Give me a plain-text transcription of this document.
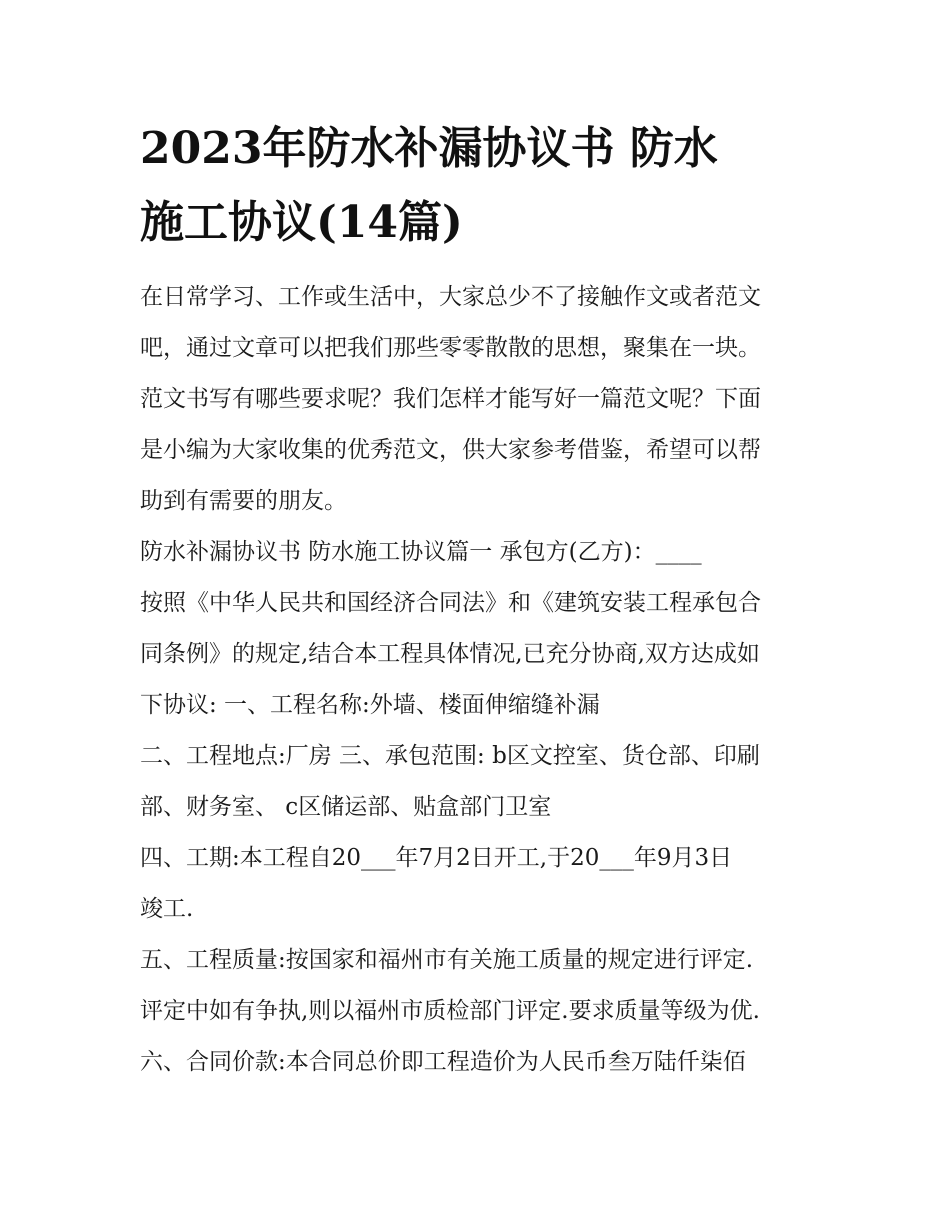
2023年防水补漏协议书 防水
施工协议(14篇)
在日常学习、工作或生活中，大家总少不了接触作文或者范文
吧，通过文章可以把我们那些零零散散的思想，聚集在一块。
范文书写有哪些要求呢？我们怎样才能写好一篇范文呢？下面
是小编为大家收集的优秀范文，供大家参考借鉴，希望可以帮
助到有需要的朋友。
防水补漏协议书 防水施工协议篇一 承包方(乙方)：____
按照《中华人民共和国经济合同法》和《建筑安装工程承包合
同条例》的规定,结合本工程具体情况,已充分协商,双方达成如
下协议: 一、工程名称:外墙、楼面伸缩缝补漏
二、工程地点:厂房 三、承包范围: b区文控室、货仓部、印刷
部、财务室、 c区储运部、贴盒部门卫室
四、工期:本工程自20___年7月2日开工,于20___年9月3日
竣工.
五、工程质量:按国家和福州市有关施工质量的规定进行评定.
评定中如有争执,则以福州市质检部门评定.要求质量等级为优.
六、合同价款:本合同总价即工程造价为人民币叁万陆仟柒佰
